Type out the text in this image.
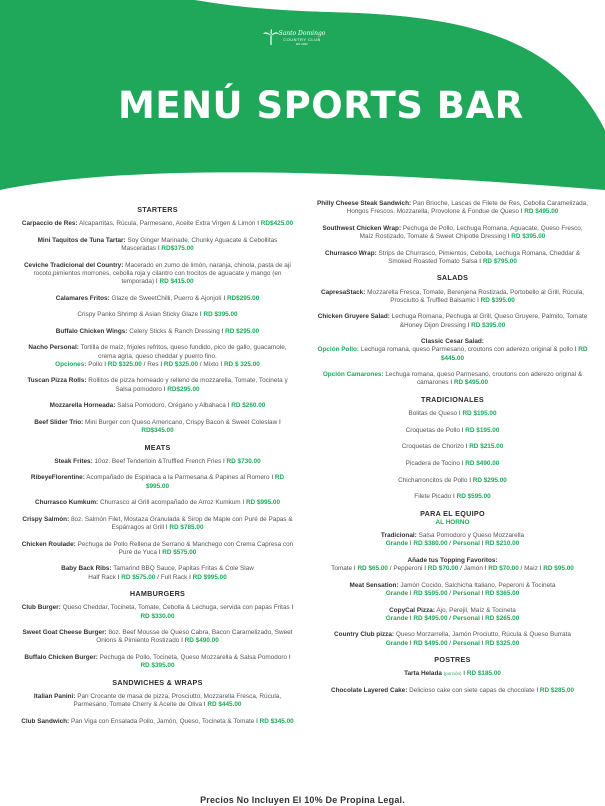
Santo Domingo
COUNTRY CLUB
EN 1931
MENÚ SPORTS BAR
STARTERS
Carpaccio de Res: Alcaparritas, Rúcula, Parmesano, Aceite Extra Virgen & Limón I RD$425.00
Mini Taquitos de Tuna Tartar: Soy Ginger Marinade, Chunky Aguacate & Cebollitas Masceradas I RD$375.00
Ceviche Tradicional del Country: Macerado en zumo de limón, naranja, chinola, pasta de ají rocoto,pimientos morrones, cebolla roja y cilantro con trocitos de aguacate y mango (en temporada) I RD $415.00
Calamares Fritos: Glaze de SweetChilli, Puerro & Ajonjolí I RD$295.00
Crispy Panko Shrimp & Asian Sticky Glaze I RD $395.00
Buffalo Chicken Wings: Celery Sticks & Ranch Dressing I RD $295.00
Nacho Personal: Tortilla de maíz, frijoles refritos, queso fundido, pico de gallo, guacamole, crema agria, queso cheddar y puerro fino.
Opciones: Pollo I RD $325.00 / Res I RD $325.00 / Mixto I RD $ 325.00
Tuscan Pizza Rolls: Rollitos de pizza horneado y relleno de mozzarella, Tomate, Tocineta y Salsa pomodoro I RD$295.00
Mozzarella Horneada: Salsa Pomodoro, Orégano y Albahaca I RD $260.00
Beef Slider Trio: Mini Burger con Queso Americano, Crispy Bacon & Sweet Coleslaw I RD$345.00
MEATS
Steak Frites: 10oz. Beef Tenderloin &Truffled French Fries I RD $730.00
RibeyeFlorentine: Acompañado de Espinaca a la Parmesana & Papines al Romero I RD $995.00
Churrasco Kumkum: Churrasco al Grill acompañado de Arroz Kumkum I RD $995.00
Crispy Salmón: 8oz. Salmón Filet, Mostaza Granulada & Sirop de Maple con Puré de Papas & Espárragos al Grill I RD $785.00
Chicken Roulade: Pechuga de Pollo Rellena de Serrano & Manchego con Crema Capresa con Puré de Yuca I RD $575.00
Baby Back Ribs: Tamarind BBQ Sauce, Papitas Fritas & Cole Slaw
Half Rack I RD $575.00 / Full Rack I RD $995.00
HAMBURGERS
Club Burger: Queso Cheddar, Tocineta, Tomate, Cebolla & Lechuga, servida con papas Fritas I RD $330.00
Sweet Goat Cheese Burger: 8oz. Beef Mousse de Queso Cabra, Bacon Caramelizado, Sweet Onions & Pimiento Rostizado I RD $490.00
Buffalo Chicken Burger: Pechuga de Pollo, Tocineta, Queso Mozzarella & Salsa Pomodoro I RD $395.00
SANDWICHES & WRAPS
Italian Panini: Pan Crocante de masa de pizza, Prosciutto, Mozzarella Fresca, Rúcula, Parmesano, Tomate Cherry & Aceite de Oliva I RD $445.00
Club Sandwich: Pan Viga con Ensalada Pollo, Jamón, Queso, Tocineta & Tomate I RD $345.00
Philly Cheese Steak Sandwich: Pan Brioche, Lascas de Filete de Res, Cebolla Caramelizada, Hongos Frescos, Mozzarella, Provolone & Fondue de Queso I RD $495.00
Southwest Chicken Wrap: Pechuga de Pollo, Lechuga Romana, Aguacate, Queso Fresco, Maíz Rostizado, Tomate & Sweet Chipotle Dressing I RD $395.00
Churrasco Wrap: Strips de Churrasco, Pimientos, Cebolla, Lechuga Romana, Cheddar & Smoked Roasted Tomato Salsa I RD $795.00
SALADS
CapresaStack: Mozzarella Fresca, Tomate, Berenjena Rostizada, Portobello al Grill, Rúcula, Prosciutto & Truffled Balsamic I RD $395.00
Chicken Gruyere Salad: Lechuga Romana, Pechuga al Grill, Queso Gruyere, Palmito, Tomate &Honey Dijon Dressing I RD $395.00
Classic Cesar Salad:
Opción Pollo: Lechuga romana, queso Parmesano, croutons con aderezo original & pollo I RD $445.00
Opción Camarones: Lechuga romana, queso Parmesano, croutons con aderezo original & camarones I RD $495.00
TRADICIONALES
Bolitas de Queso I RD $195.00
Croquetas de Pollo I RD $195.00
Croquetas de Chorizo I RD $215.00
Picadera de Tocino I RD $490.00
Chicharroncitos de Pollo I RD $295.00
Filete Picado I RD $595.00
PARA EL EQUIPO
AL HORNO
Tradicional: Salsa Pomodoro y Queso Mozzarella
Grande I RD $380.00 / Personal I RD $210.00
Añade tus Topping Favoritos:
Tomate I RD $65.00 / Pepperoni I RD $70.00 / Jamón I RD $70.00 / Maíz I RD $95.00
Meat Sensation: Jamón Cocido, Salchicha Italiano, Peperoni & Tocineta
Grande I RD $595.00 / Personal I RD $365.00
CopyCal Pizza: Ajo, Perejil, Maíz & Tocineta
Grande I RD $495.00 / Personal I RD $265.00
Country Club pizza: Queso Morzarrella, Jamón Prociutto, Rúcula & Queso Burrata
Grande I RD $495.00 / Personal I RD $325.00
POSTRES
Tarta Helada (porción) I RD $185.00
Chocolate Layered Cake: Delicioso cake con siete capas de chocolate I RD $285.00
Precios No Incluyen El 10% De Propina Legal.
